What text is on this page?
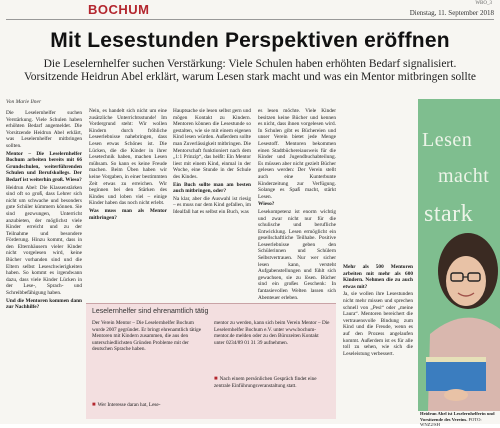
WBO_3
BOCHUM	Dienstag, 11. September 2018
Mit Lesestunden Perspektiven eröffnen
Die Leselernhelfer suchen Verstärkung: Viele Schulen haben erhöhten Bedarf signalisiert. Vorsitzende Heidrun Abel erklärt, warum Lesen stark macht und was ein Mentor mitbringen sollte
Von Marie Ilner

Die Leselernhelfer suchen Verstärkung. Viele Schulen haben erhöhten Bedarf angemeldet. Die Vorsitzende Heidrun Abel erklärt, was Leselernhelfer mitbringen sollten.

Mentor – Die Leselernhelfer Bochum arbeiten bereits mit 66 Grundschulen, weiterführenden Schulen und Berufskollegs. Der Bedarf ist weiterhin groß. Wieso?

Heidrun Abel: Die Klassenstärken sind oft so groß, dass Lehrer sich nicht um schwache und besonders gute Schüler kümmern können. Sie sind gezwungen, Unterricht anzubieten, der möglichst viele Kinder erreicht und zu der Teilnahme und besondere Förderung. Hinzu kommt, dass in den Elternhäusern vieler Kinder nicht vorgelesen wird, keine Bücher vorhanden sind und die Eltern selbst Leseschwierigkeiten haben. So kommt es irgendwann dazu, dass viele Kinder Lücken in der Lese-, Sprach- und Schreibbefähigung haben.

Und die Mentoren kommen dann zur Nachhilfe?

Nein, es handelt sich nicht um eine zusätzliche Unterrichtsstunde! Im Vordergrund steht: Wir wollen Kindern durch fröhliche Leseerlebnisse nahebringen, dass Lesen etwas Schönes ist. Die Lücken, die die Kinder in ihrer Lesetechnik haben, machen Lesen mühsam. So kann es keine Freude machen. Beim Üben haben wir keine Vorgaben, in einer bestimmten Zeit etwas zu erreichen. Wir beginnen bei den Stärken des Kindes und loben viel – einige Kinder haben das noch nicht erlebt.

Was muss man als Mentor mitbringen?

Hauptsache sie lesen selbst gern und mögen Kontakt zu Kindern. Mentoren können die Lesestunde so gestalten, wie sie mit einem eigenen Kind lesen würden. Außerdem sollte man Zuverlässigkeit mitbringen. Die Mentorschaft funktioniert nach dem „1:1 Prinzip“, das heißt: Ein Mentor liest mit einem Kind, einmal in der Woche, eine Stunde in der Schule des Kindes.

Ein Buch sollte man am besten auch mitbringen, oder?

Na klar, aber die Auswahl ist riesig – es muss nur dem Kind gefallen, im Idealfall hat es selbst ein Buch, was

es lesen möchte. Viele Kinder besitzen keine Bücher und kennen es nicht, dass ihnen vorgelesen wird. In Schulen gibt es Büchereien und unser Verein bietet jede Menge Lesestoff. Mentoren bekommen einen Stadtbüchereiausweis für die Kinder und Jugendbuchabteilung. Es müssen aber nicht gezielt Bücher gelesen werden: Der Verein stellt auch eine Kunterbunte Kinderzeitung zur Verfügung. Solange es Spaß macht, stärkt Lesen.

Wieso?

Lesekompetenz ist enorm wichtig und zwar nicht nur für die schulische und berufliche Entwicklung. Lesen ermöglicht ein gesellschaftliche Teilhabe. Positive Leseerlebnisse geben den Schülerinnen und Schülern Selbstvertrauen. Nur wer sicher lesen kann, versteht Aufgabenstellungen und fühlt sich gewachsen, sie zu lösen. Bücher sind ein großes Geschenk: In fantasievollen Welten lassen sich Abenteuer erleben.

Mehr als 500 Mentoren arbeiten mit mehr als 600 Kindern. Nehmen die zu auch etwas mit?

Ja, sie wollen ihre Lesestunden nicht mehr missen und sprechen schnell von „Pesi“ oder „meine Laura“. Mentoren bereichert die vertrauensvolle Bindung zum Kind und die Freude, wenn es auf den Prozess angelaufen kommt. Außerdem ist es für alle toll zu sehen, wie sich die Leseleistung verbessert.

Leselernhelfer sind ehrenamtlich tätig
Der Verein Mentor – Die Leselernhelfer Bochum wurde 2007 gegründet. Er bringt ehrenamtlich tätige Mentoren mit Kindern zusammen, die aus den unterschiedlichsten Gründen Probleme mit der deutschen Sprache haben.
■ Wer Interesse daran hat, Lese-
mentor zu werden, kann sich beim Verein Mentor – Die Leselernhelfer Bochum e.V. unter www.bochum-mentor.de melden oder zu den Bürozeiten Kontakt unter 0234/89 01 31 39 aufnehmen.
■ Nach einem persönlichen Gespräch findet eine zentrale Einführungsveranstaltung statt.
Lesen
macht
stark
Heidrun Abel ist Leselernhelferin und Vorsitzende des Vereins. FOTO: WNZ2/SH
